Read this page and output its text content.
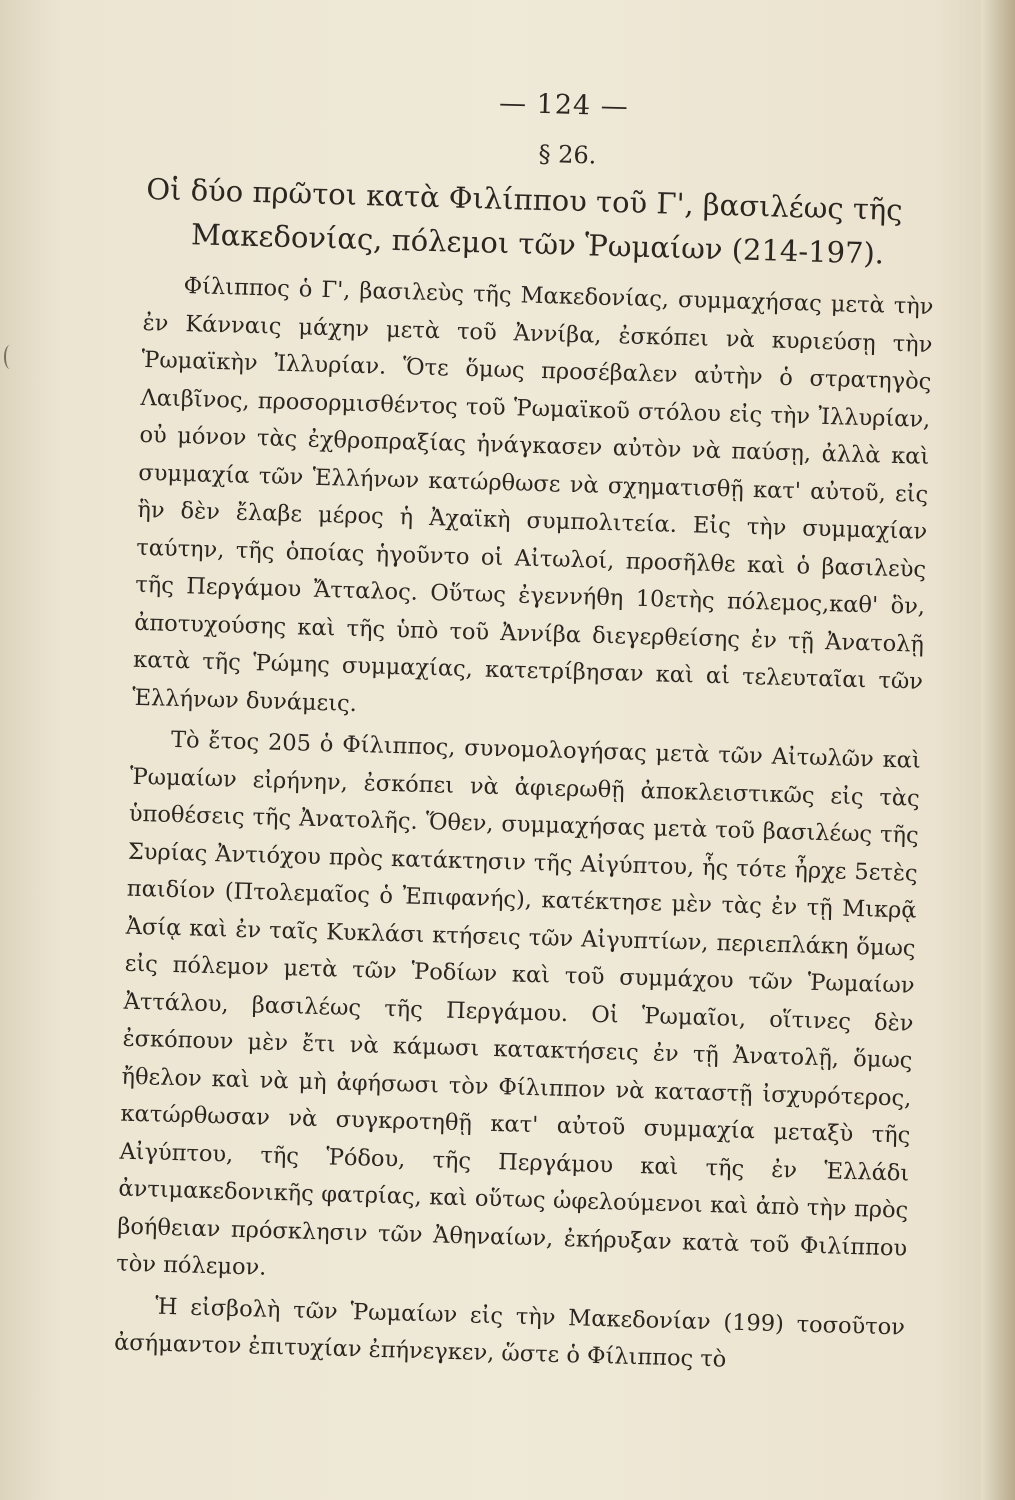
— 124 —
§ 26.
Οἱ δύο πρῶτοι κατὰ Φιλίππου τοῦ Γ', βασιλέως τῆς
Μακεδονίας, πόλεμοι τῶν Ῥωμαίων (214-197).

Φίλιππος ὁ Γ', βασιλεὺς τῆς Μακεδονίας, συμμαχήσας μετὰ τὴν ἐν Κάνναις μάχην μετὰ τοῦ Ἀννίβα, ἐσκόπει νὰ κυριεύσῃ τὴν Ῥωμαϊκὴν Ἰλλυρίαν. Ὅτε ὅμως προσέβαλεν αὐτὴν ὁ στρατηγὸς Λαιβῖνος, προσορμισθέντος τοῦ Ῥωμαϊκοῦ στόλου εἰς τὴν Ἰλλυρίαν, οὐ μόνον τὰς ἐχθροπραξίας ἠνάγκασεν αὐτὸν νὰ παύσῃ, ἀλλὰ καὶ συμμαχία τῶν Ἑλλήνων κατώρθωσε νὰ σχηματισθῇ κατ' αὐτοῦ, εἰς ἣν δὲν ἔλαβε μέρος ἡ Ἀχαϊκὴ συμπολιτεία. Εἰς τὴν συμμαχίαν ταύτην, τῆς ὁποίας ἡγοῦντο οἱ Αἰτωλοί, προσῆλθε καὶ ὁ βασιλεὺς τῆς Περγάμου Ἄτταλος. Οὕτως ἐγεννήθη 10ετὴς πόλεμος,καθ' ὃν, ἀποτυχούσης καὶ τῆς ὑπὸ τοῦ Ἀννίβα διεγερθείσης ἐν τῇ Ἀνατολῇ κατὰ τῆς Ῥώμης συμμαχίας, κατετρίβησαν καὶ αἱ τελευταῖαι τῶν Ἑλλήνων δυνάμεις.

Τὸ ἔτος 205 ὁ Φίλιππος, συνομολογήσας μετὰ τῶν Αἰτωλῶν καὶ Ῥωμαίων εἰρήνην, ἐσκόπει νὰ ἀφιερωθῇ ἀποκλειστικῶς εἰς τὰς ὑποθέσεις τῆς Ἀνατολῆς. Ὅθεν, συμμαχήσας μετὰ τοῦ βασιλέως τῆς Συρίας Ἀντιόχου πρὸς κατάκτησιν τῆς Αἰγύπτου, ἧς τότε ἦρχε 5ετὲς παιδίον (Πτολεμαῖος ὁ Ἐπιφανής), κατέκτησε μὲν τὰς ἐν τῇ Μικρᾷ Ἀσίᾳ καὶ ἐν ταῖς Κυκλάσι κτήσεις τῶν Αἰγυπτίων, περιεπλάκη ὅμως εἰς πόλεμον μετὰ τῶν Ῥοδίων καὶ τοῦ συμμάχου τῶν Ῥωμαίων Ἀττάλου, βασιλέως τῆς Περγάμου. Οἱ Ῥωμαῖοι, οἵτινες δὲν ἐσκόπουν μὲν ἔτι νὰ κάμωσι κατακτήσεις ἐν τῇ Ἀνατολῇ, ὅμως ἤθελον καὶ νὰ μὴ ἀφήσωσι τὸν Φίλιππον νὰ καταστῇ ἰσχυρότερος, κατώρθωσαν νὰ συγκροτηθῇ κατ' αὐτοῦ συμμαχία μεταξὺ τῆς Αἰγύπτου, τῆς Ῥόδου, τῆς Περγάμου καὶ τῆς ἐν Ἑλλάδι ἀντιμακεδονικῆς φατρίας, καὶ οὕτως ὠφελούμενοι καὶ ἀπὸ τὴν πρὸς βοήθειαν πρόσκλησιν τῶν Ἀθηναίων, ἐκήρυξαν κατὰ τοῦ Φιλίππου τὸν πόλεμον.

Ἡ εἰσβολὴ τῶν Ῥωμαίων εἰς τὴν Μακεδονίαν (199) τοσοῦτον ἀσήμαντον ἐπιτυχίαν ἐπήνεγκεν, ὥστε ὁ Φίλιππος τὸ
